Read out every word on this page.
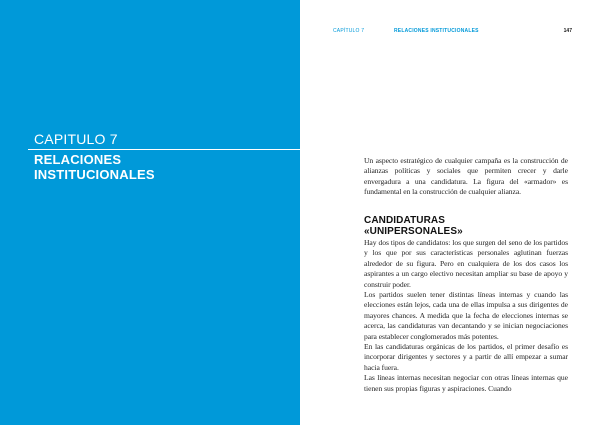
CAPITULO 7
RELACIONES
INSTITUCIONALES
CAPÍTULO 7	RELACIONES INSTITUCIONALES	147
Un aspecto estratégico de cualquier campaña es la construcción de alianzas políticas y sociales que permiten crecer y darle envergadura a una candidatura. La figura del «armador» es fundamental en la construcción de cualquier alianza.
CANDIDATURAS
«UNIPERSONALES»

Hay dos tipos de candidatos: los que surgen del seno de los partidos y los que por sus características personales aglutinan fuerzas alrededor de su figura. Pero en cualquiera de los dos casos los aspirantes a un cargo electivo necesitan ampliar su base de apoyo y construir poder.

Los partidos suelen tener distintas líneas internas y cuando las elecciones están lejos, cada una de ellas impulsa a sus dirigentes de mayores chances. A medida que la fecha de elecciones internas se acerca, las candidaturas van decantando y se inician negociaciones para establecer conglomerados más potentes.

En las candidaturas orgánicas de los partidos, el primer desafío es incorporar dirigentes y sectores y a partir de allí empezar a sumar hacia fuera.

Las líneas internas necesitan negociar con otras líneas internas que tienen sus propias figuras y aspiraciones. Cuando
